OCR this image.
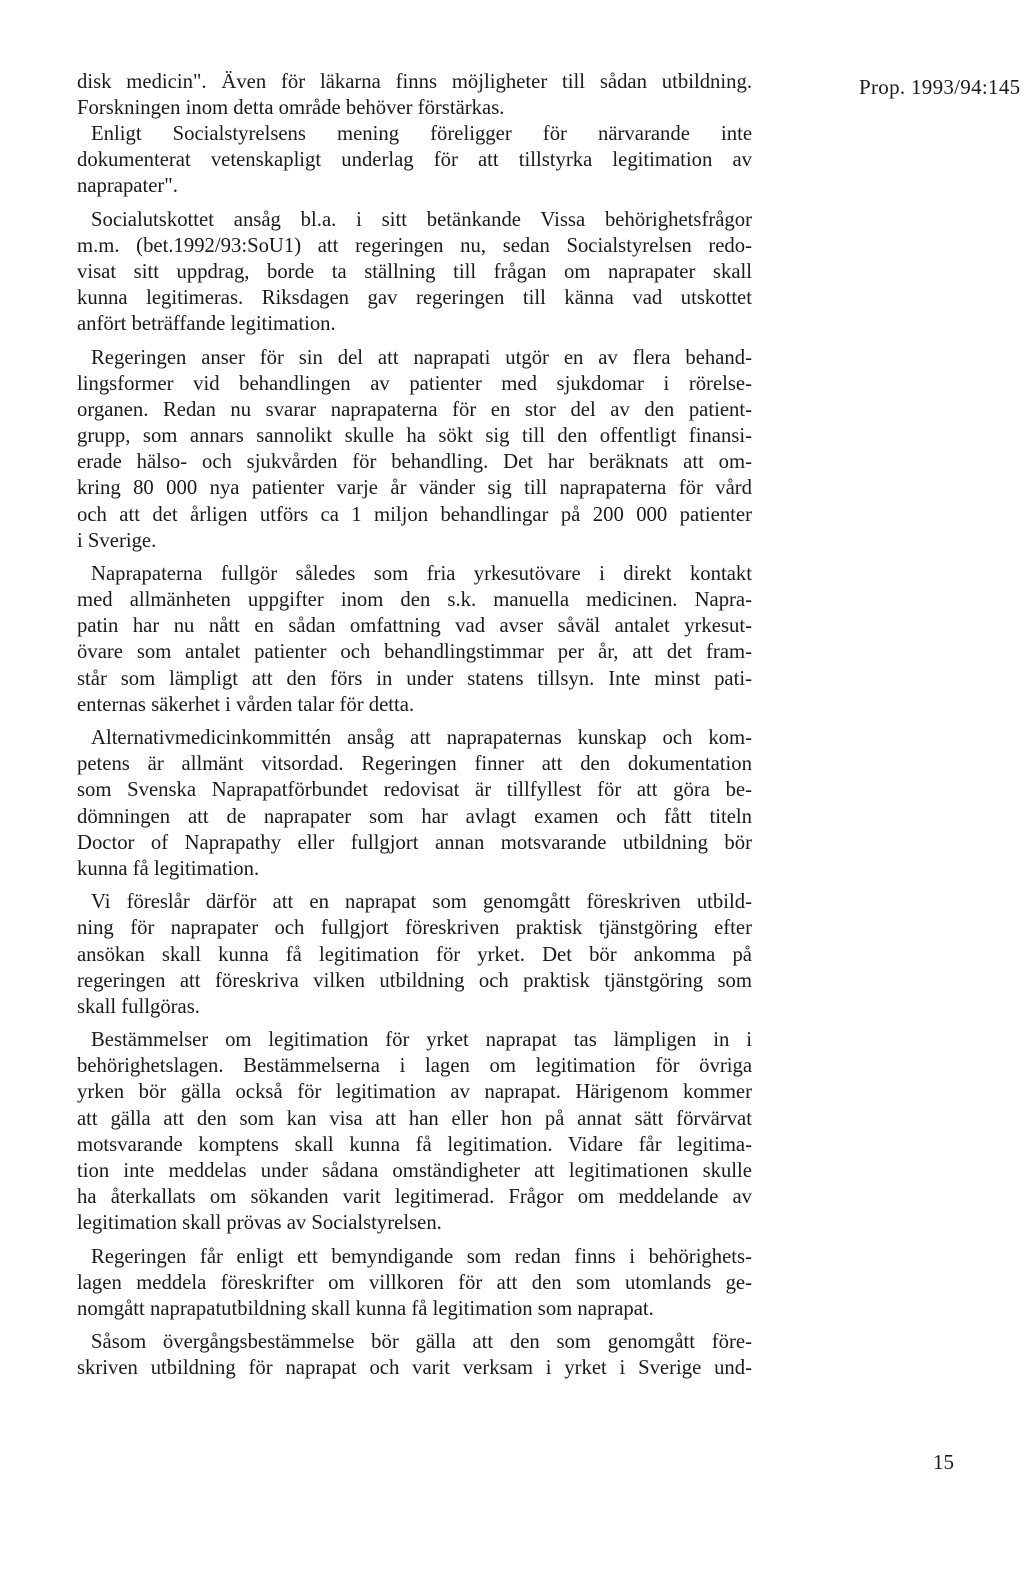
Prop. 1993/94:145
disk medicin". Även för läkarna finns möjligheter till sådan utbildning.
Forskningen inom detta område behöver förstärkas.
Enligt Socialstyrelsens mening föreligger för närvarande inte
dokumenterat vetenskapligt underlag för att tillstyrka legitimation av
naprapater".
Socialutskottet ansåg bl.a. i sitt betänkande Vissa behörighetsfrågor
m.m. (bet.1992/93:SoU1) att regeringen nu, sedan Socialstyrelsen redo-
visat sitt uppdrag, borde ta ställning till frågan om naprapater skall
kunna legitimeras. Riksdagen gav regeringen till känna vad utskottet
anfört beträffande legitimation.
Regeringen anser för sin del att naprapati utgör en av flera behand-
lingsformer vid behandlingen av patienter med sjukdomar i rörelse-
organen. Redan nu svarar naprapaterna för en stor del av den patient-
grupp, som annars sannolikt skulle ha sökt sig till den offentligt finansi-
erade hälso- och sjukvården för behandling. Det har beräknats att om-
kring 80 000 nya patienter varje år vänder sig till naprapaterna för vård
och att det årligen utförs ca 1 miljon behandlingar på 200 000 patienter
i Sverige.
Naprapaterna fullgör således som fria yrkesutövare i direkt kontakt
med allmänheten uppgifter inom den s.k. manuella medicinen. Napra-
patin har nu nått en sådan omfattning vad avser såväl antalet yrkesut-
övare som antalet patienter och behandlingstimmar per år, att det fram-
står som lämpligt att den förs in under statens tillsyn. Inte minst pati-
enternas säkerhet i vården talar för detta.
Alternativmedicinkommittén ansåg att naprapaternas kunskap och kom-
petens är allmänt vitsordad. Regeringen finner att den dokumentation
som Svenska Naprapatförbundet redovisat är tillfyllest för att göra be-
dömningen att de naprapater som har avlagt examen och fått titeln
Doctor of Naprapathy eller fullgjort annan motsvarande utbildning bör
kunna få legitimation.
Vi föreslår därför att en naprapat som genomgått föreskriven utbild-
ning för naprapater och fullgjort föreskriven praktisk tjänstgöring efter
ansökan skall kunna få legitimation för yrket. Det bör ankomma på
regeringen att föreskriva vilken utbildning och praktisk tjänstgöring som
skall fullgöras.
Bestämmelser om legitimation för yrket naprapat tas lämpligen in i
behörighetslagen. Bestämmelserna i lagen om legitimation för övriga
yrken bör gälla också för legitimation av naprapat. Härigenom kommer
att gälla att den som kan visa att han eller hon på annat sätt förvärvat
motsvarande komptens skall kunna få legitimation. Vidare får legitima-
tion inte meddelas under sådana omständigheter att legitimationen skulle
ha återkallats om sökanden varit legitimerad. Frågor om meddelande av
legitimation skall prövas av Socialstyrelsen.
Regeringen får enligt ett bemyndigande som redan finns i behörighets-
lagen meddela föreskrifter om villkoren för att den som utomlands ge-
nomgått naprapatutbildning skall kunna få legitimation som naprapat.
Såsom övergångsbestämmelse bör gälla att den som genomgått före-
skriven utbildning för naprapat och varit verksam i yrket i Sverige und-
15
